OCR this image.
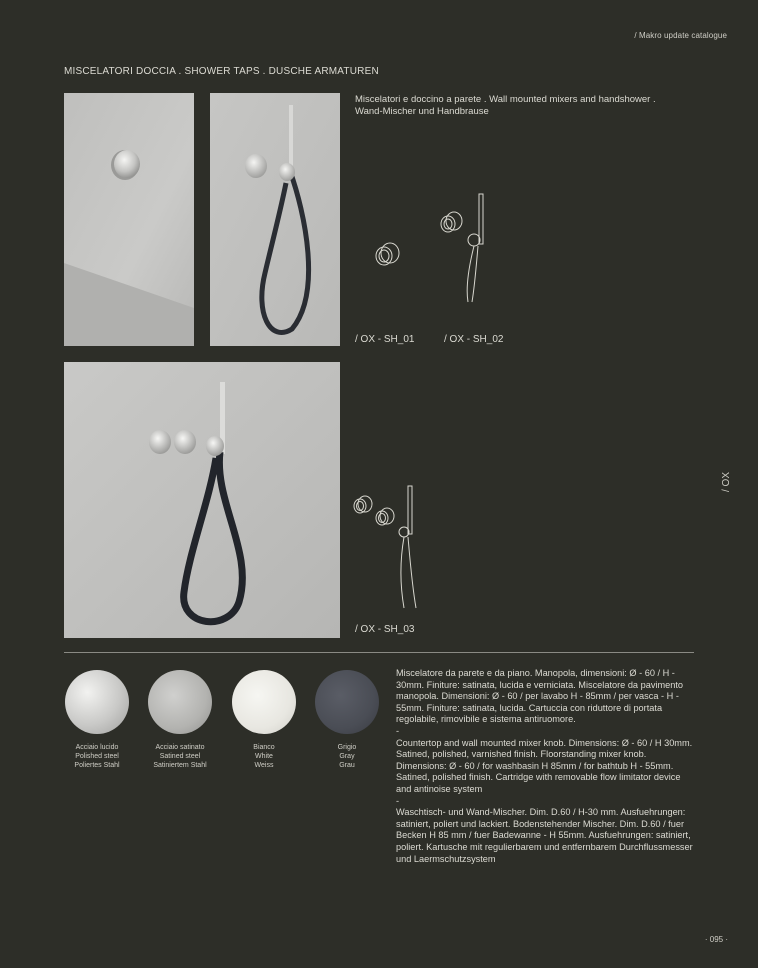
/ Makro update catalogue
MISCELATORI DOCCIA . SHOWER TAPS . DUSCHE ARMATUREN
Miscelatori e doccino a parete . Wall mounted mixers and handshower . Wand-Mischer und Handbrause
/ OX - SH_01	/ OX - SH_02
/ OX - SH_03
/ OX
Acciaio lucido
Polished steel
Poliertes Stahl
Acciaio satinato
Satined steel
Satiniertem Stahl
Bianco
White
Weiss
Grigio
Gray
Grau

Miscelatore da parete e da piano. Manopola, dimensioni: Ø - 60 / H - 30mm. Finiture: satinata, lucida e verniciata. Miscelatore da pavimento manopola. Dimensioni: Ø - 60 / per lavabo H - 85mm / per vasca - H - 55mm. Finiture: satinata, lucida. Cartuccia con riduttore di portata regolabile, rimovibile e sistema antiruomore.

-

Countertop and wall mounted mixer knob. Dimensions: Ø - 60 / H 30mm. Satined, polished, varnished finish. Floorstanding mixer knob. Dimensions: Ø - 60 / for washbasin H 85mm / for bathtub H - 55mm. Satined, polished finish. Cartridge with removable flow limitator device and antinoise system

-

Waschtisch- und Wand-Mischer. Dim. D.60 / H-30 mm. Ausfuehrungen: satiniert, poliert und lackiert. Bodenstehender Mischer. Dim. D.60 / fuer Becken H 85 mm / fuer Badewanne - H 55mm. Ausfuehrungen: satiniert, poliert. Kartusche mit regulierbarem und entfernbarem Durchflussmesser und Laermschutzsystem

· 095 ·
